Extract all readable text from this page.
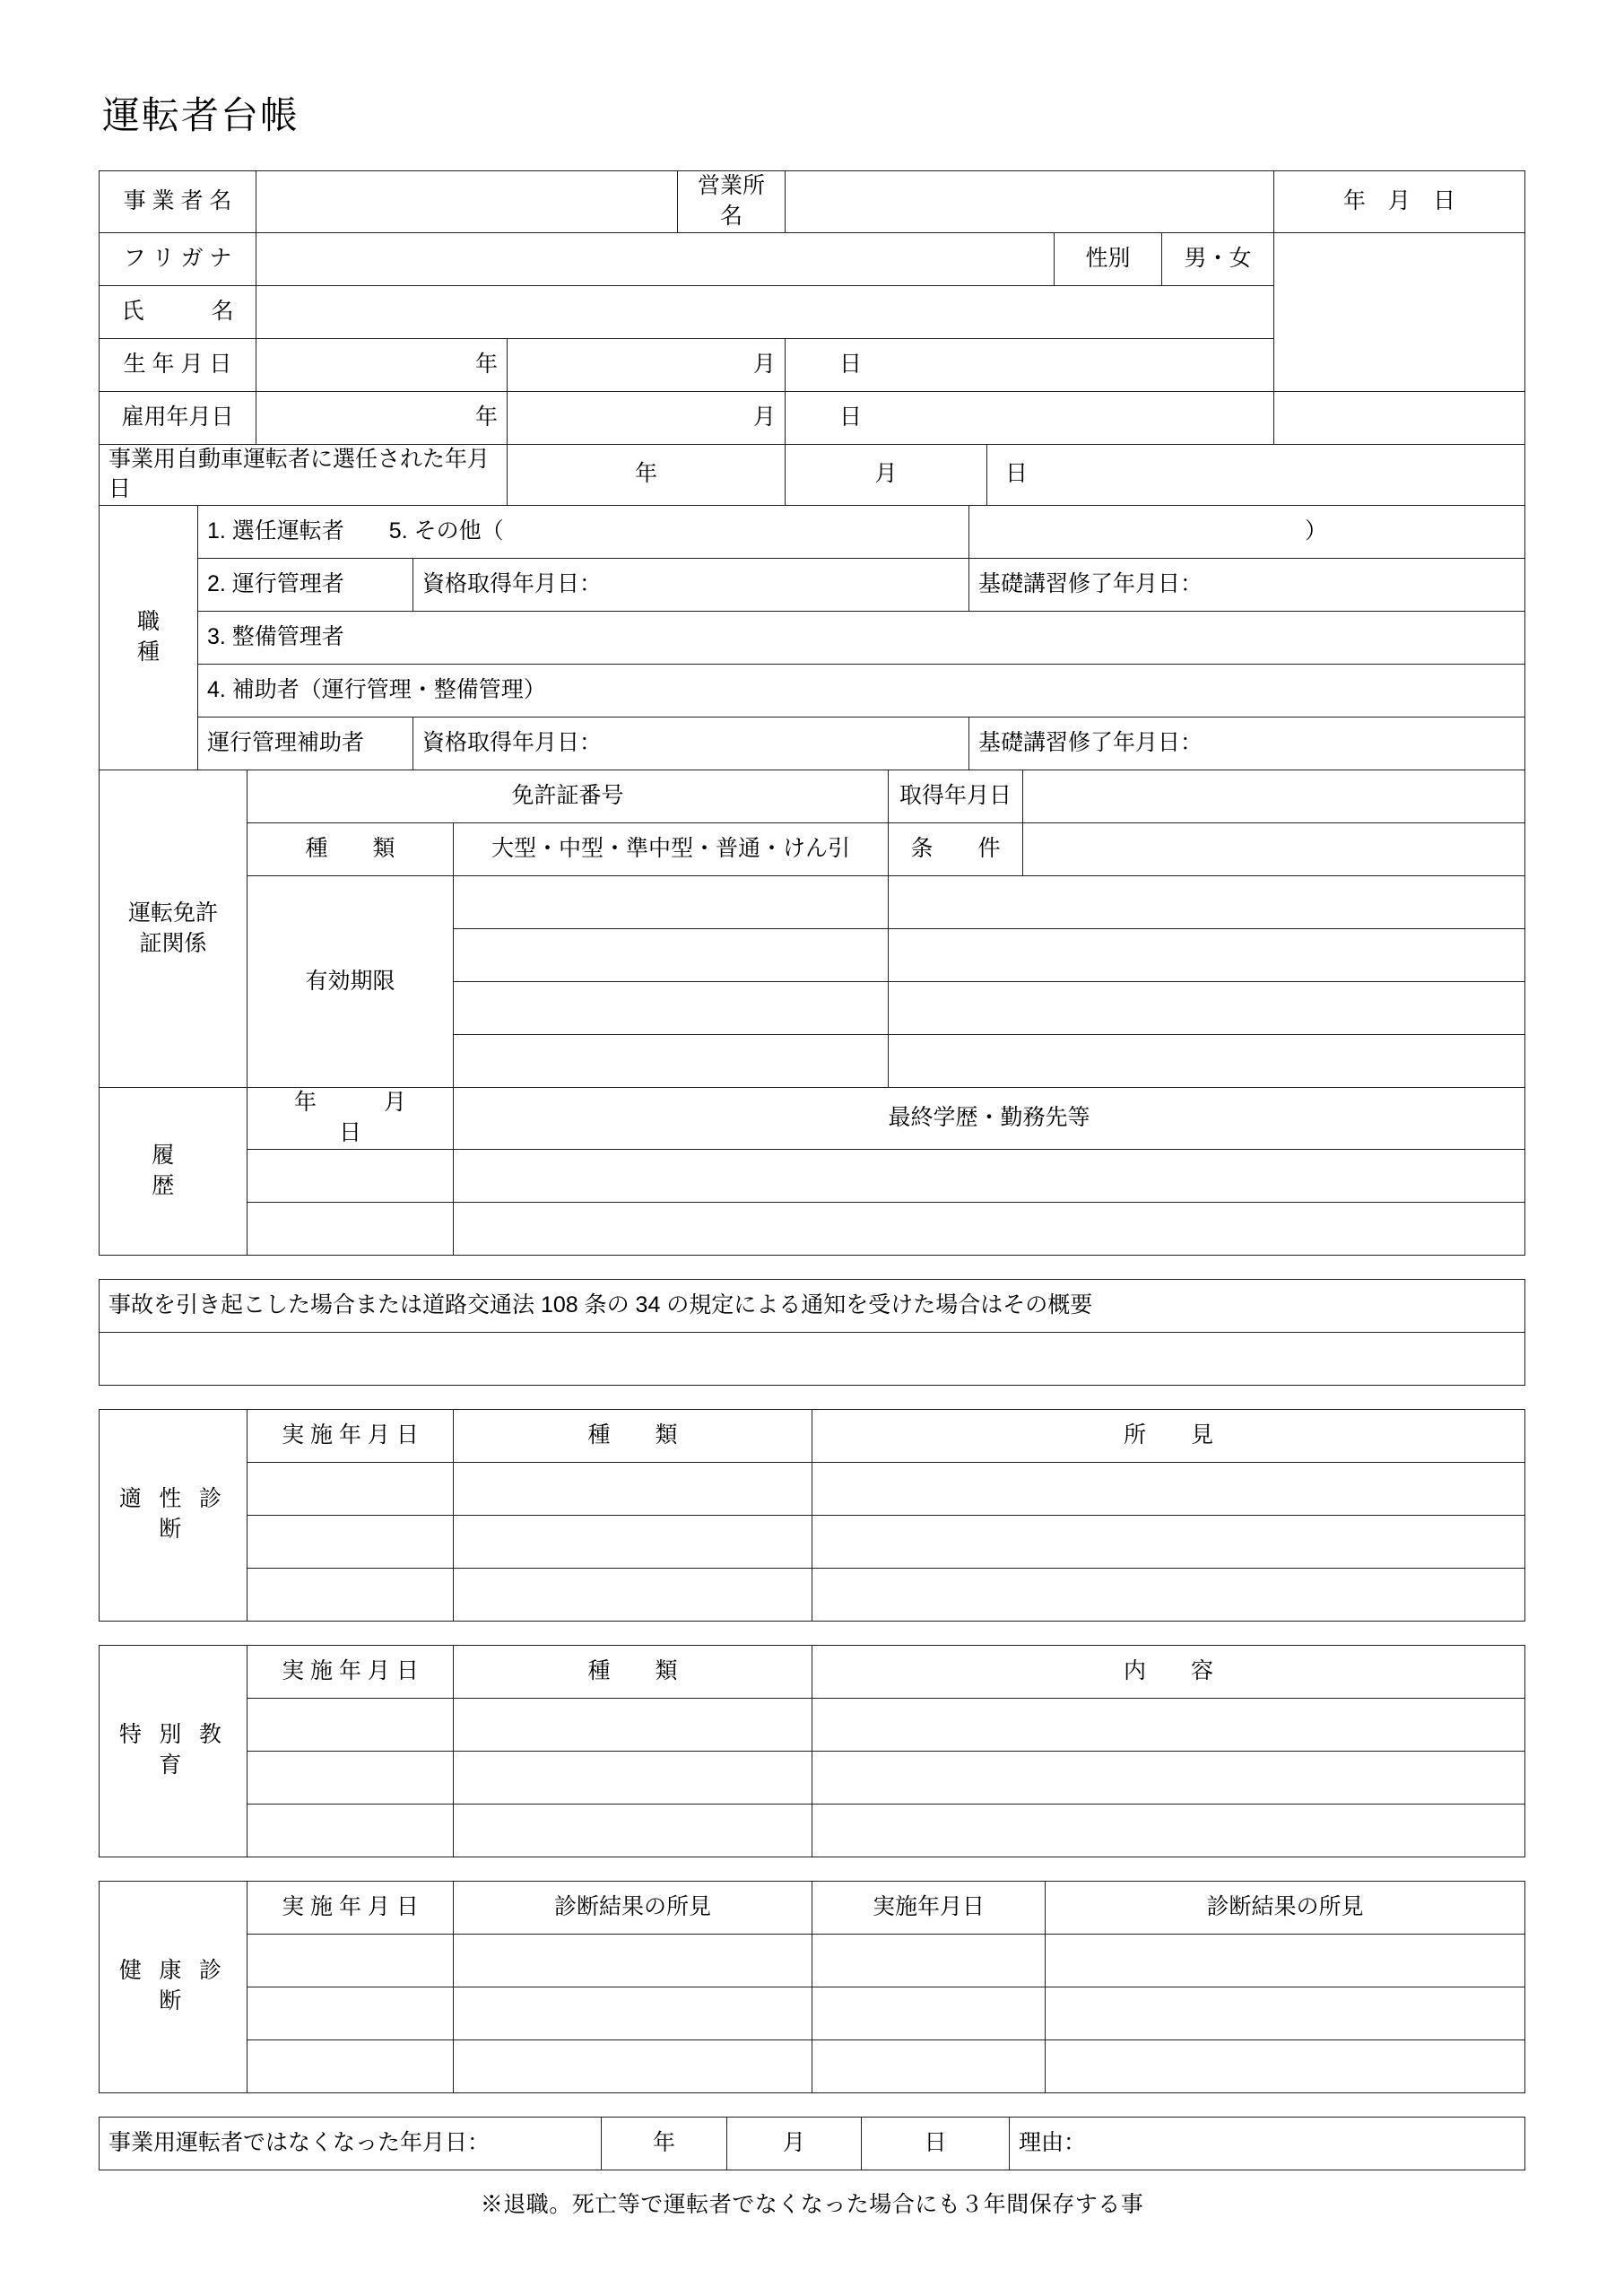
運転者台帳
事 業 者 名			営業所名					年　月　日
フ リ ガ ナ						性別	男・女	
氏　　　名								
生 年 月 日	年	月		日				
雇用年月日	年	月		日				
事業用自動車運転者に選任された年月日		年		月	日			
職　　　種	1. 選任運転者　　5. その他（		）
	2. 運行管理者	資格取得年月日：	基礎講習修了年月日：
	3. 整備管理者		
	4. 補助者（運行管理・整備管理）		
	運行管理補助者	資格取得年月日：	基礎講習修了年月日：
運転免許
証関係	免許証番号		取得年月日	
	種　　類	大型・中型・準中型・普通・けん引	条　　件	
	有効期限			

履　　　歴	年　　　月　　　日	最終学歴・勤務先等

事故を引き起こした場合または道路交通法 108 条の 34 の規定による通知を受けた場合はその概要

適 性 診 断	実 施 年 月 日	種　　類	所　　見

特 別 教 育	実 施 年 月 日	種　　類	内　　容

健 康 診 断	実 施 年 月 日	診断結果の所見	実施年月日	診断結果の所見

事業用運転者ではなくなった年月日：	年	月	日	理由：
※退職。死亡等で運転者でなくなった場合にも３年間保存する事
